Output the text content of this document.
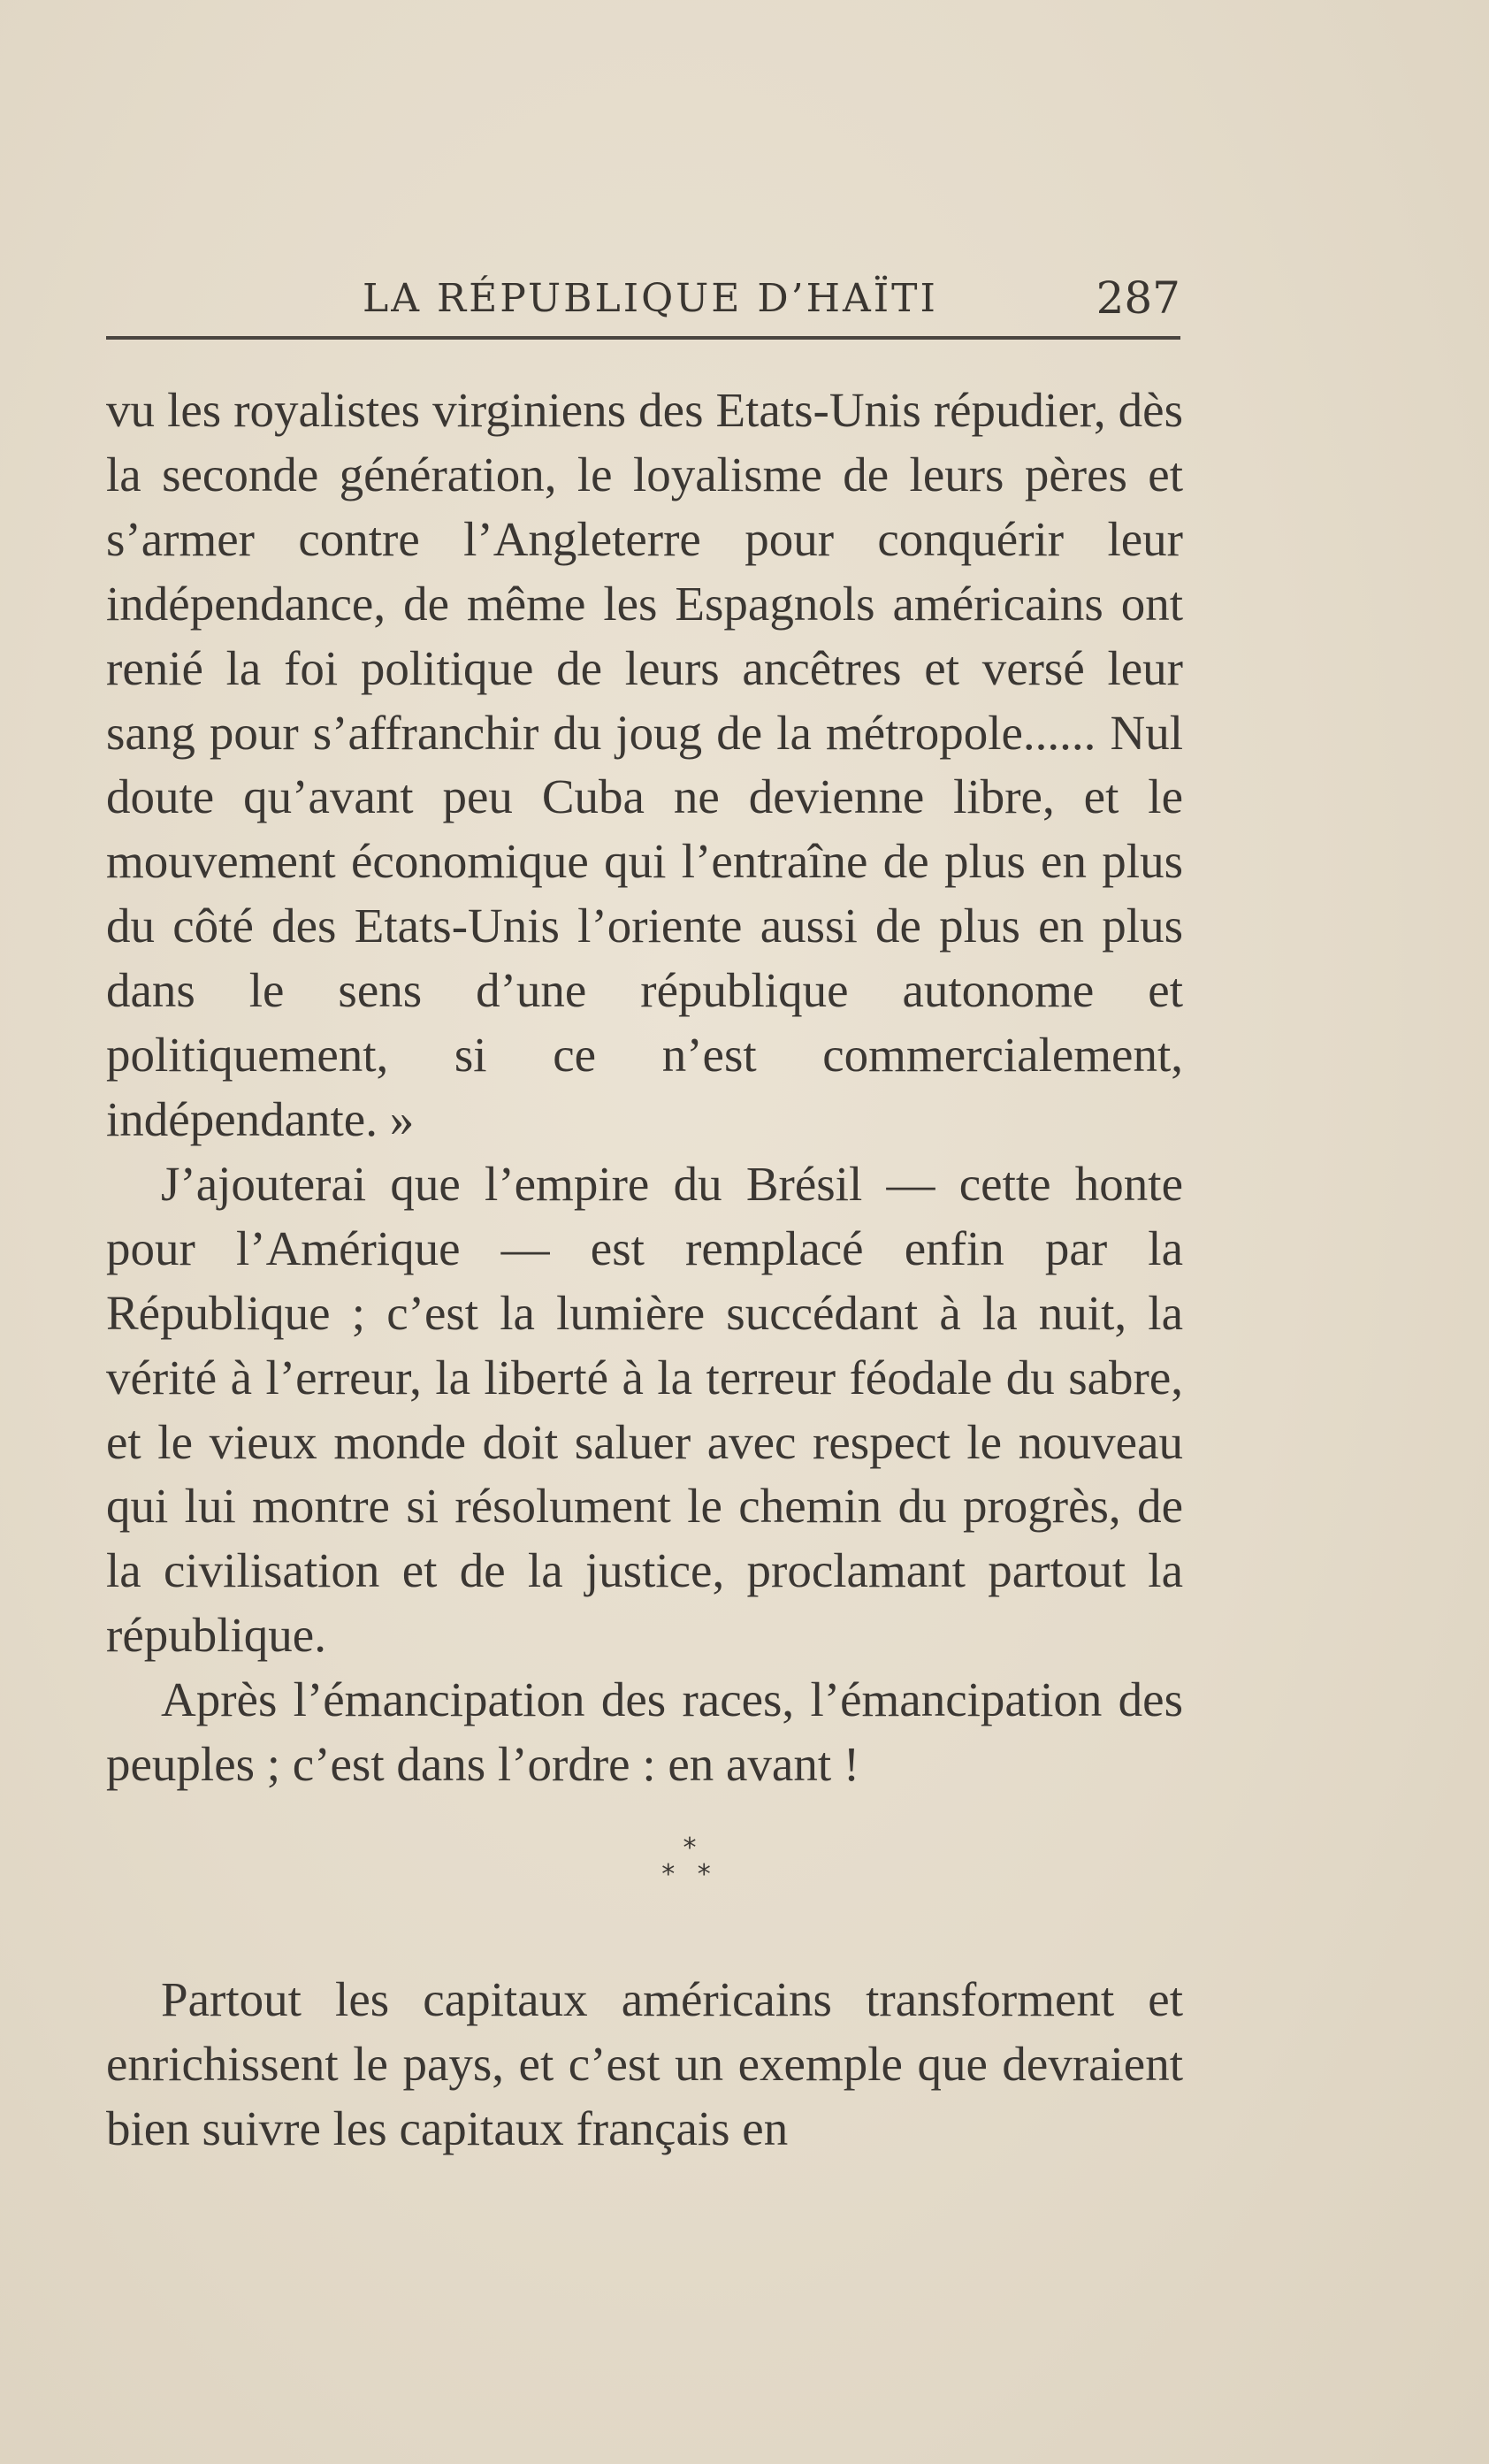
LA RÉPUBLIQUE D’HAÏTI	287

vu les royalistes virginiens des Etats-Unis répudier, dès la seconde génération, le loyalisme de leurs pères et s’armer contre l’Angleterre pour conquérir leur indépendance, de même les Espagnols américains ont renié la foi politique de leurs ancêtres et versé leur sang pour s’affranchir du joug de la métropole...... Nul doute qu’avant peu Cuba ne devienne libre, et le mouvement économique qui l’entraîne de plus en plus du côté des Etats-Unis l’oriente aussi de plus en plus dans le sens d’une république autonome et politiquement, si ce n’est commercialement, indépendante. »

J’ajouterai que l’empire du Brésil — cette honte pour l’Amérique — est remplacé enfin par la République ; c’est la lumière succédant à la nuit, la vérité à l’erreur, la liberté à la terreur féodale du sabre, et le vieux monde doit saluer avec respect le nouveau qui lui montre si résolument le chemin du progrès, de la civilisation et de la justice, proclamant partout la république.

Après l’émancipation des races, l’émancipation des peuples ; c’est dans l’ordre : en avant !

*
* *

Partout les capitaux américains transforment et enrichissent le pays, et c’est un exemple que devraient bien suivre les capitaux français en
